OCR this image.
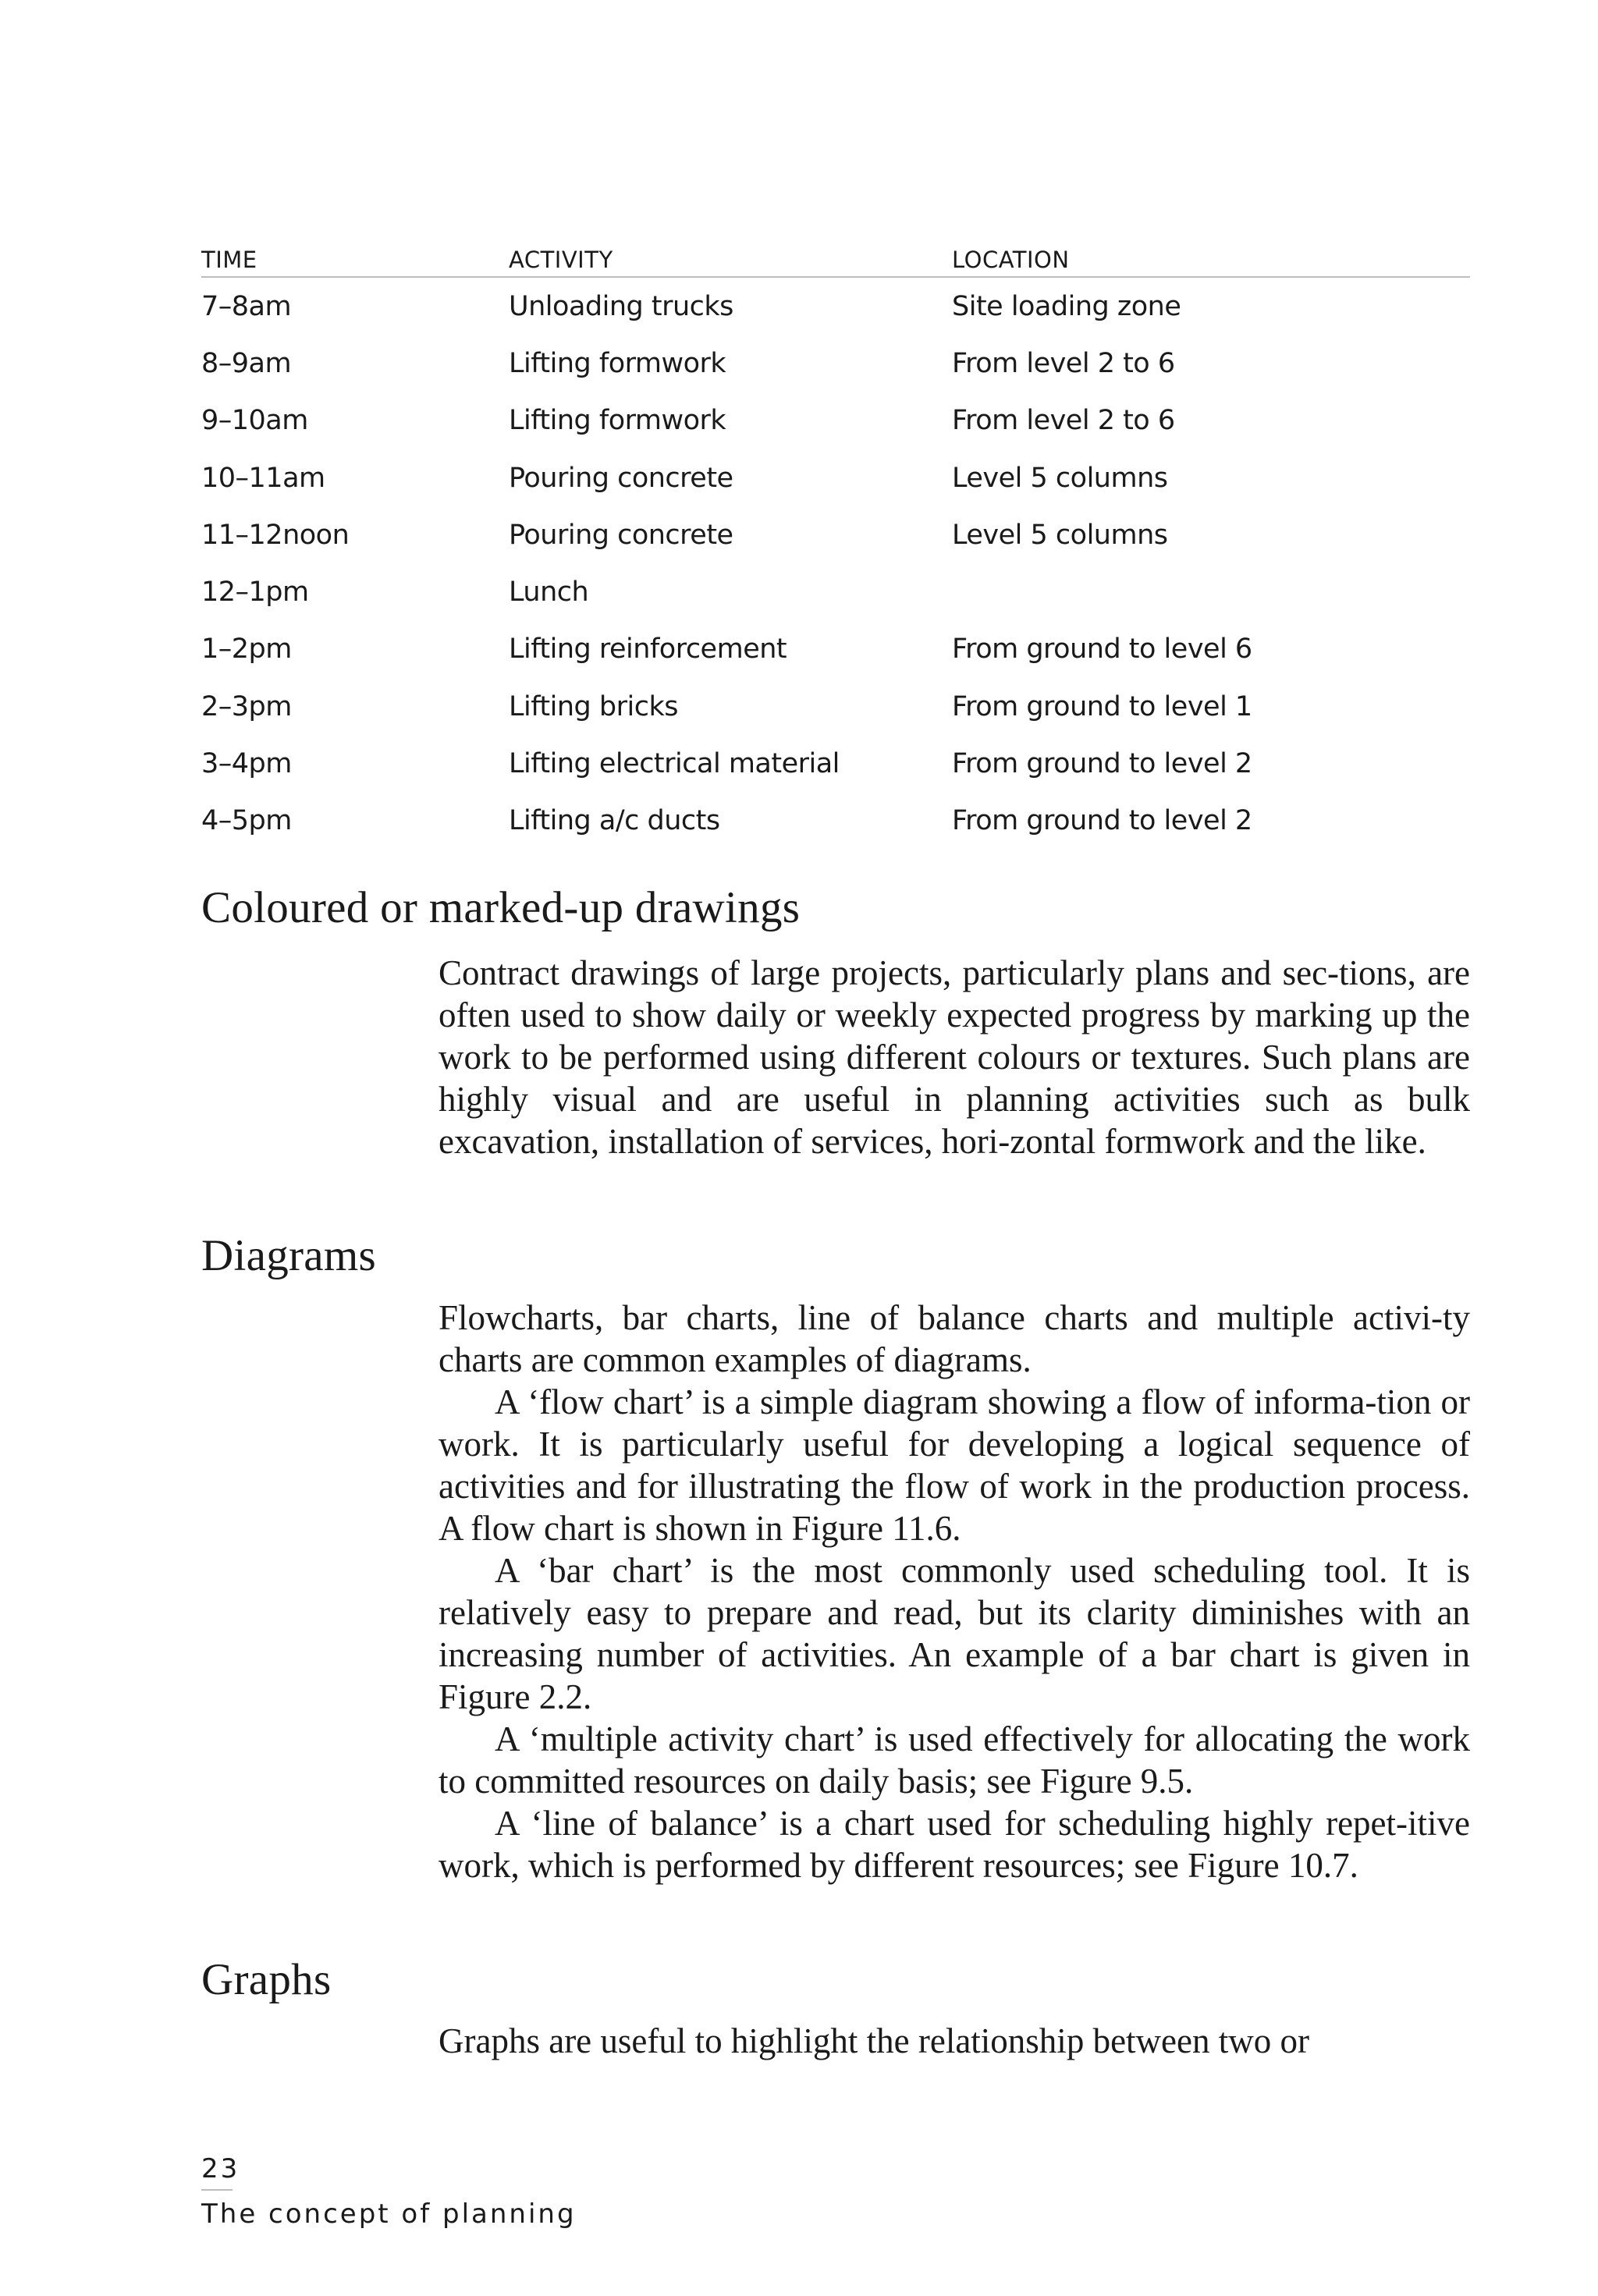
TIME	ACTIVITY	LOCATION
7–8am	Unloading trucks	Site loading zone
8–9am	Lifting formwork	From level 2 to 6
9–10am	Lifting formwork	From level 2 to 6
10–11am	Pouring concrete	Level 5 columns
11–12noon	Pouring concrete	Level 5 columns
12–1pm	Lunch
1–2pm	Lifting reinforcement	From ground to level 6
2–3pm	Lifting bricks	From ground to level 1
3–4pm	Lifting electrical material	From ground to level 2
4–5pm	Lifting a/c ducts	From ground to level 2
Coloured or marked-up drawings

Contract drawings of large projects, particularly plans and sec-tions, are often used to show daily or weekly expected progress by marking up the work to be performed using different colours or textures. Such plans are highly visual and are useful in planning activities such as bulk excavation, installation of services, hori-zontal formwork and the like.

Diagrams

Flowcharts, bar charts, line of balance charts and multiple activi-ty charts are common examples of diagrams.

A ‘flow chart’ is a simple diagram showing a flow of informa-tion or work. It is particularly useful for developing a logical sequence of activities and for illustrating the flow of work in the production process. A flow chart is shown in Figure 11.6.

A ‘bar chart’ is the most commonly used scheduling tool. It is relatively easy to prepare and read, but its clarity diminishes with an increasing number of activities. An example of a bar chart is given in Figure 2.2.

A ‘multiple activity chart’ is used effectively for allocating the work to committed resources on daily basis; see Figure 9.5.

A ‘line of balance’ is a chart used for scheduling highly repet-itive work, which is performed by different resources; see Figure 10.7.

Graphs

Graphs are useful to highlight the relationship between two or

23
The concept of planning
